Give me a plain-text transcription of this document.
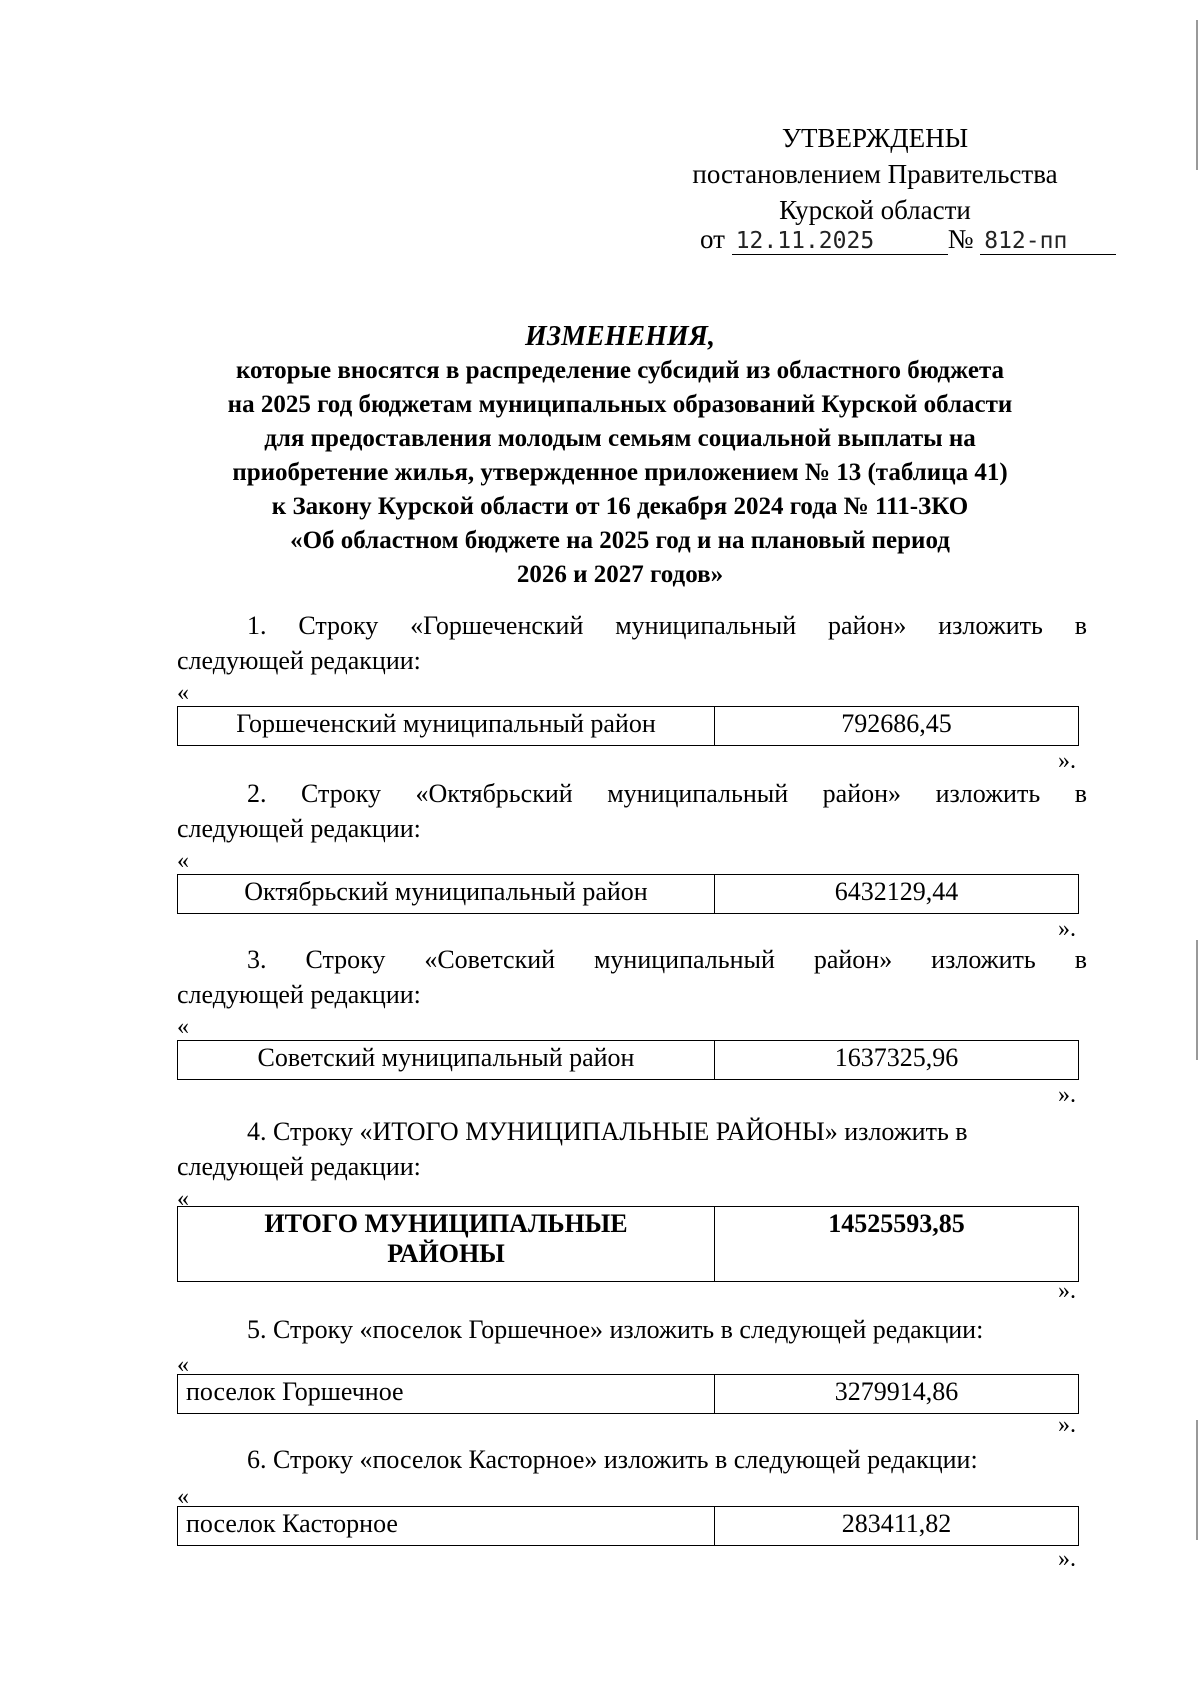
УТВЕРЖДЕНЫ
постановлением Правительства
Курской области
от 12.11.2025	№ 812-пп
ИЗМЕНЕНИЯ,
которые вносятся в распределение субсидий из областного бюджета
на 2025 год бюджетам муниципальных образований Курской области
для предоставления молодым семьям социальной выплаты на
приобретение жилья, утвержденное приложением № 13 (таблица 41)
к Закону Курской области от 16 декабря 2024 года № 111-ЗКО
«Об областном бюджете на 2025 год и на плановый период
2026 и 2027 годов»
1. Строку «Горшеченский муниципальный район» изложить в
следующей редакции:
«
Горшеченский муниципальный район	792686,45
».
2. Строку «Октябрьский муниципальный район» изложить в
следующей редакции:
«
Октябрьский муниципальный район	6432129,44
».
3. Строку «Советский муниципальный район» изложить в
следующей редакции:
«
Советский муниципальный район	1637325,96
».
4. Строку «ИТОГО МУНИЦИПАЛЬНЫЕ РАЙОНЫ» изложить в
следующей редакции:
«
ИТОГО МУНИЦИПАЛЬНЫЕ
РАЙОНЫ
	14525593,85
».
5. Строку «поселок Горшечное» изложить в следующей редакции:
«
поселок Горшечное	3279914,86
».
6. Строку «поселок Касторное» изложить в следующей редакции:
«
поселок Касторное	283411,82
».
